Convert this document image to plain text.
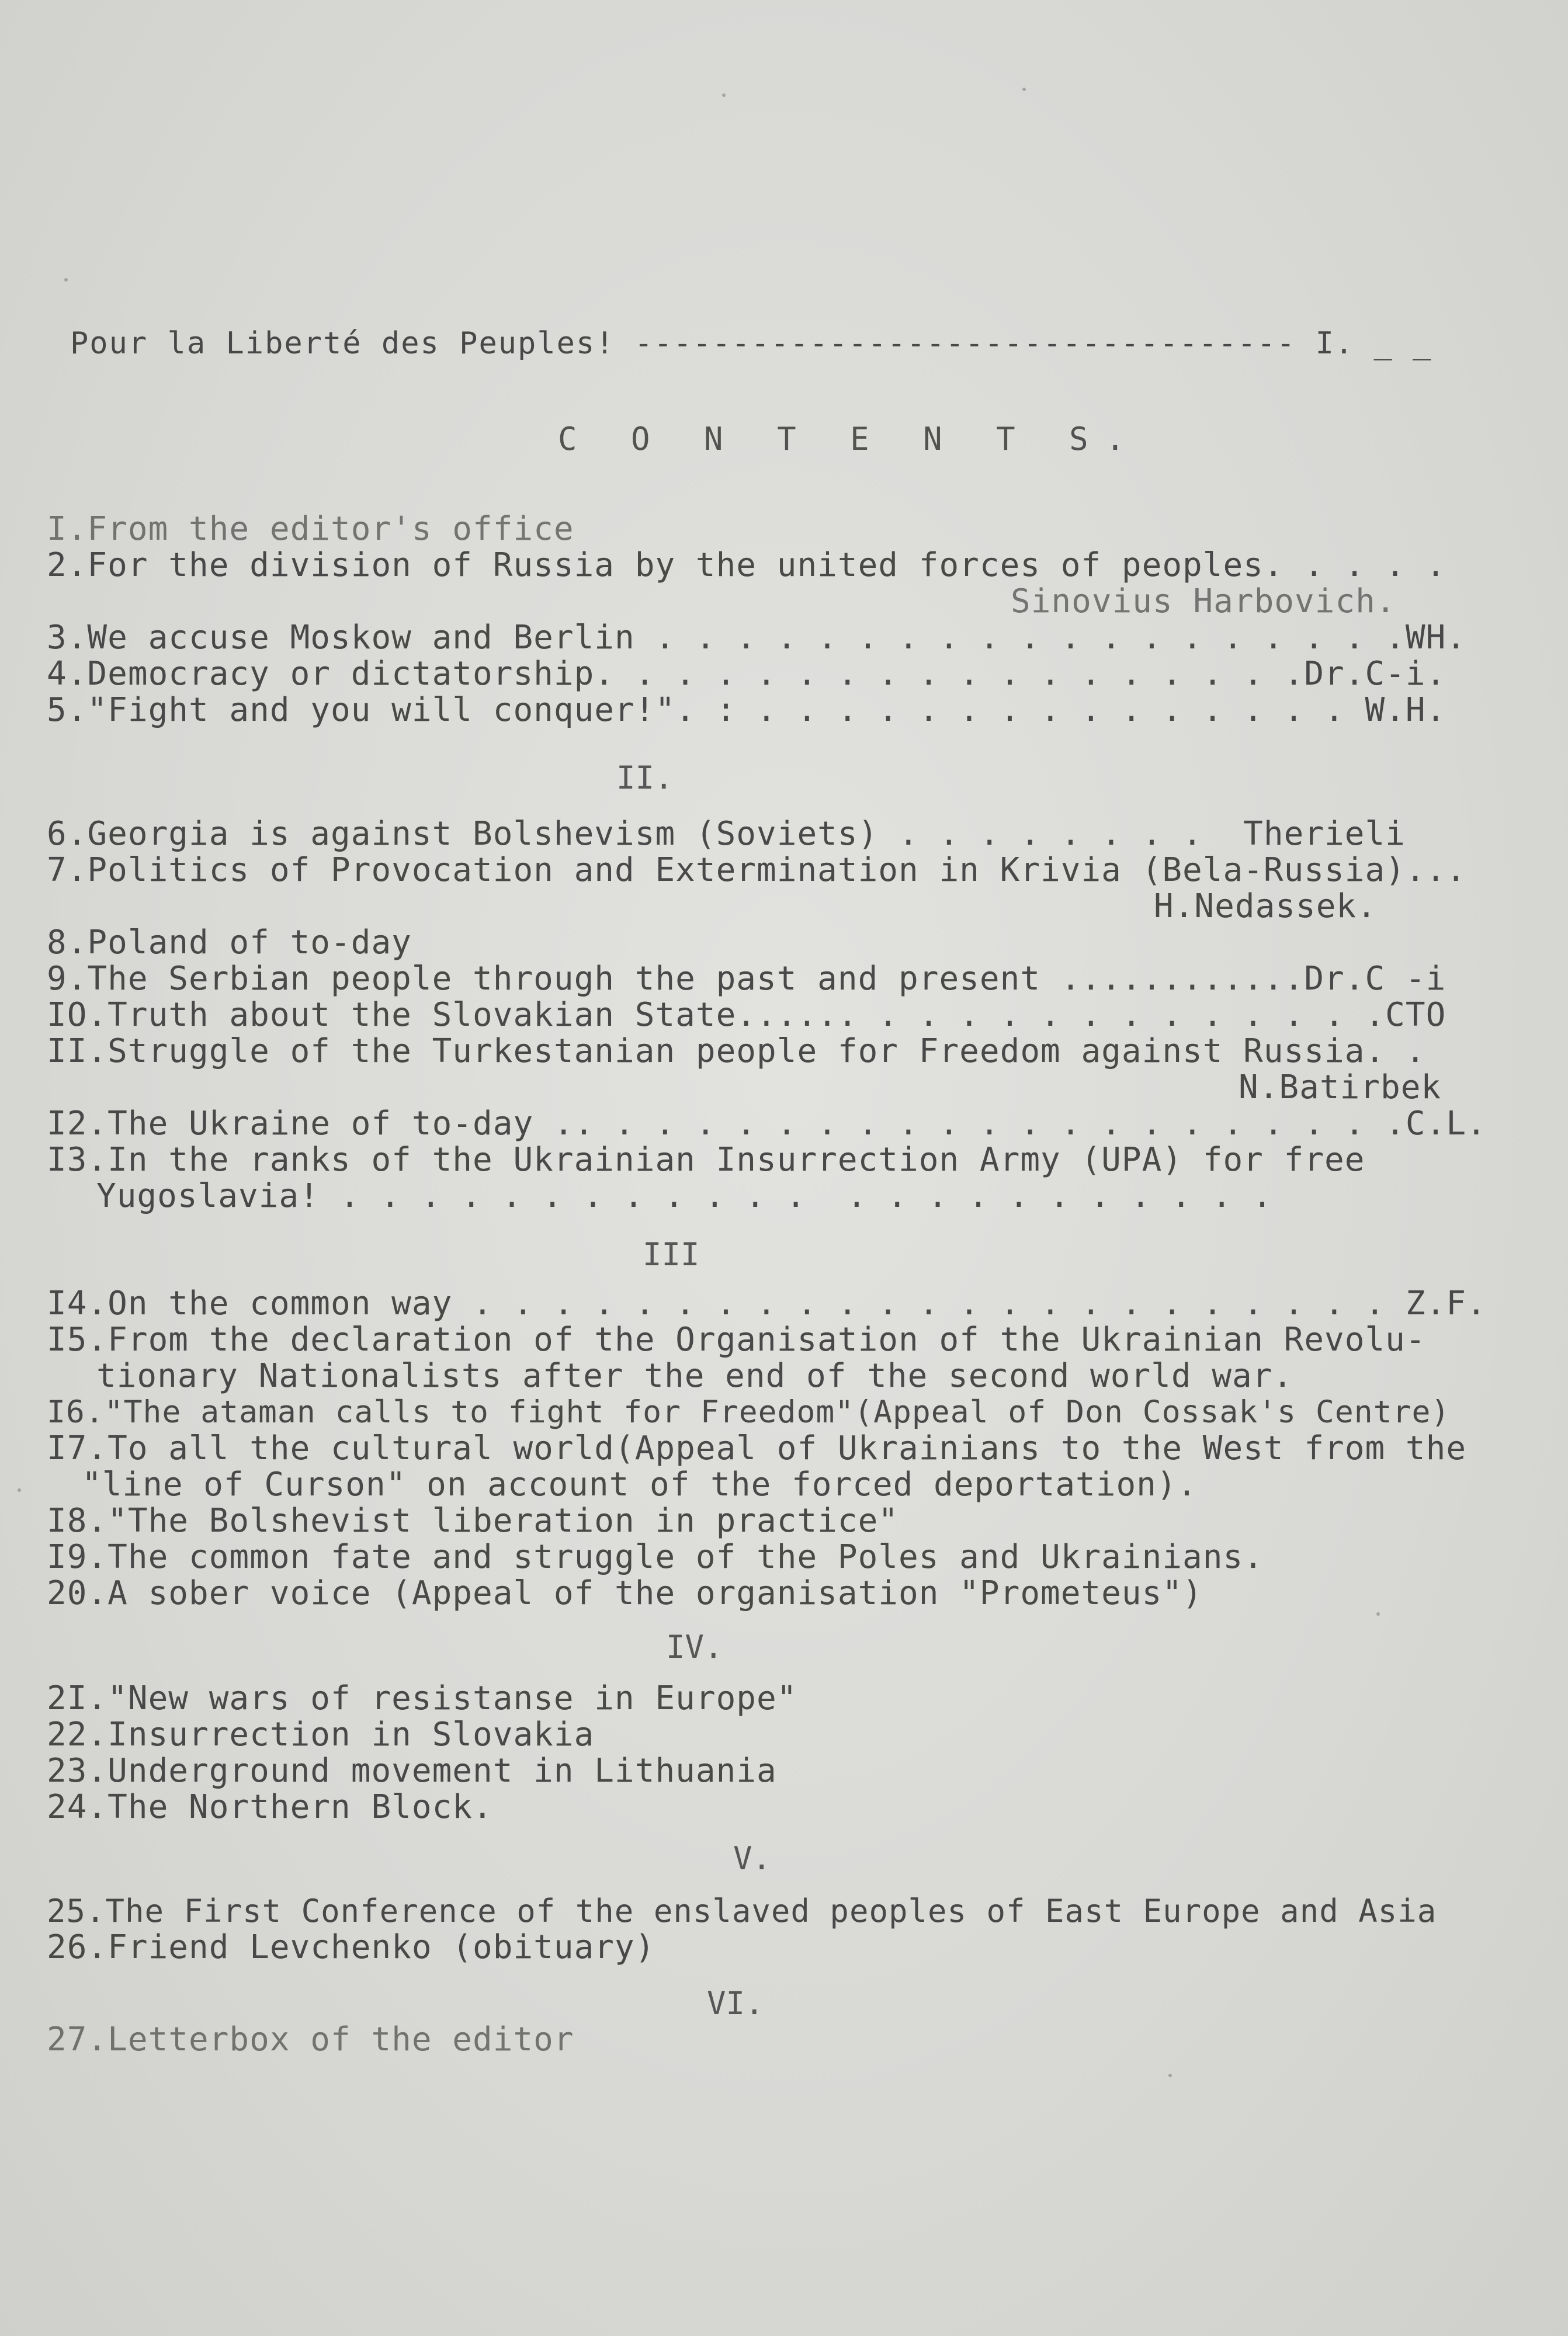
Pour la Liberté des Peuples! ---------------------------------- I. _ _
C O N T E N T S.
I.From the editor's office
2.For the division of Russia by the united forces of peoples. . . . .
Sinovius Harbovich.
3.We accuse Moskow and Berlin . . . . . . . . . . . . . . . . . . .WH.
4.Democracy or dictatorship. . . . . . . . . . . . . . . . . .Dr.C-i.
5."Fight and you will conquer!". : . . . . . . . . . . . . . . . W.H.
II.
6.Georgia is against Bolshevism (Soviets) . . . . . . . .  Therieli
7.Politics of Provocation and Extermination in Krivia (Bela-Russia)...
H.Nedassek.
8.Poland of to-day
9.The Serbian people through the past and present ............Dr.C -i
IO.Truth about the Slovakian State...... . . . . . . . . . . . . .CTO
II.Struggle of the Turkestanian people for Freedom against Russia. .
N.Batirbek
I2.The Ukraine of to-day .. . . . . . . . . . . . . . . . . . . . .C.L.
I3.In the ranks of the Ukrainian Insurrection Army (UPA) for free
Yugoslavia! . . . . . . . . . . . .  . . . . . . . . . . .
III
I4.On the common way . . . . . . . . . . . . . . . . . . . . . . . Z.F.
I5.From the declaration of the Organisation of the Ukrainian Revolu-
tionary Nationalists after the end of the second world war.
I6."The ataman calls to fight for Freedom"(Appeal of Don Cossak's Centre)
I7.To all the cultural world(Appeal of Ukrainians to the West from the
"line of Curson" on account of the forced deportation).
I8."The Bolshevist liberation in practice"
I9.The common fate and struggle of the Poles and Ukrainians.
20.A sober voice (Appeal of the organisation "Prometeus")
IV.
2I."New wars of resistanse in Europe"
22.Insurrection in Slovakia
23.Underground movement in Lithuania
24.The Northern Block.
V.
25.The First Conference of the enslaved peoples of East Europe and Asia
26.Friend Levchenko (obituary)
VI.
27.Letterbox of the editor
